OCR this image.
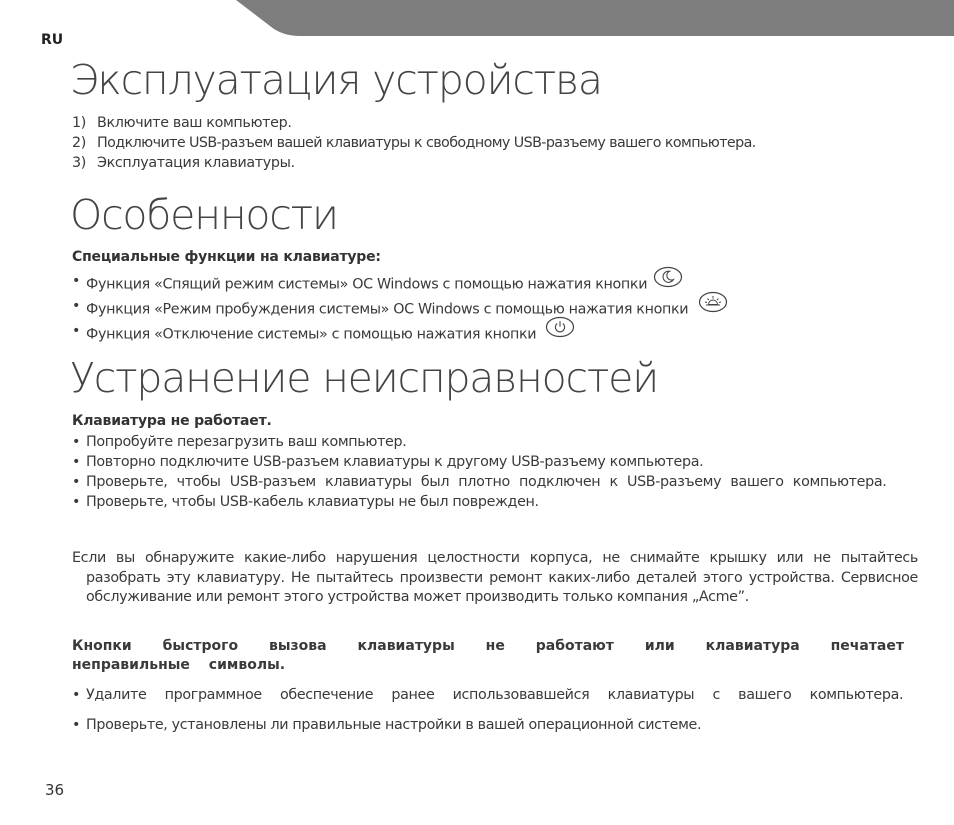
RU
Эксплуатация устройства
1) Включите ваш компьютер.
2) Подключите USB-разъем вашей клавиатуры к свободному USB-разъему вашего компьютера.
3) Эксплуатация клавиатуры.
Особенности
Специальные функции на клавиатуре:
• Функция «Спящий режим системы» ОС Windows с помощью нажатия кнопки
• Функция «Режим пробуждения системы» ОС Windows с помощью нажатия кнопки
• Функция «Отключение системы» с помощью нажатия кнопки
Устранение неисправностей
Клавиатура не работает.
• Попробуйте перезагрузить ваш компьютер.
• Повторно подключите USB-разъем клавиатуры к другому USB-разъему компьютера.
• Проверьте, чтобы USB-разъем клавиатуры был плотно подключен к USB-разъему вашего компьютера.
• Проверьте, чтобы USB-кабель клавиатуры не был поврежден.
Если вы обнаружите какие-либо нарушения целостности корпуса, не снимайте крышку или не пытайтесь разобрать эту клавиатуру. Не пытайтесь произвести ремонт каких-либо деталей этого устройства. Сервисное обслуживание или ремонт этого устройства может производить только компания „Acme”.
Кнопки быстрого вызова клавиатуры не работают или клавиатура печатает неправильные символы.
• Удалите программное обеспечение ранее использовавшейся клавиатуры с вашего компьютера.
• Проверьте, установлены ли правильные настройки в вашей операционной системе.
36
